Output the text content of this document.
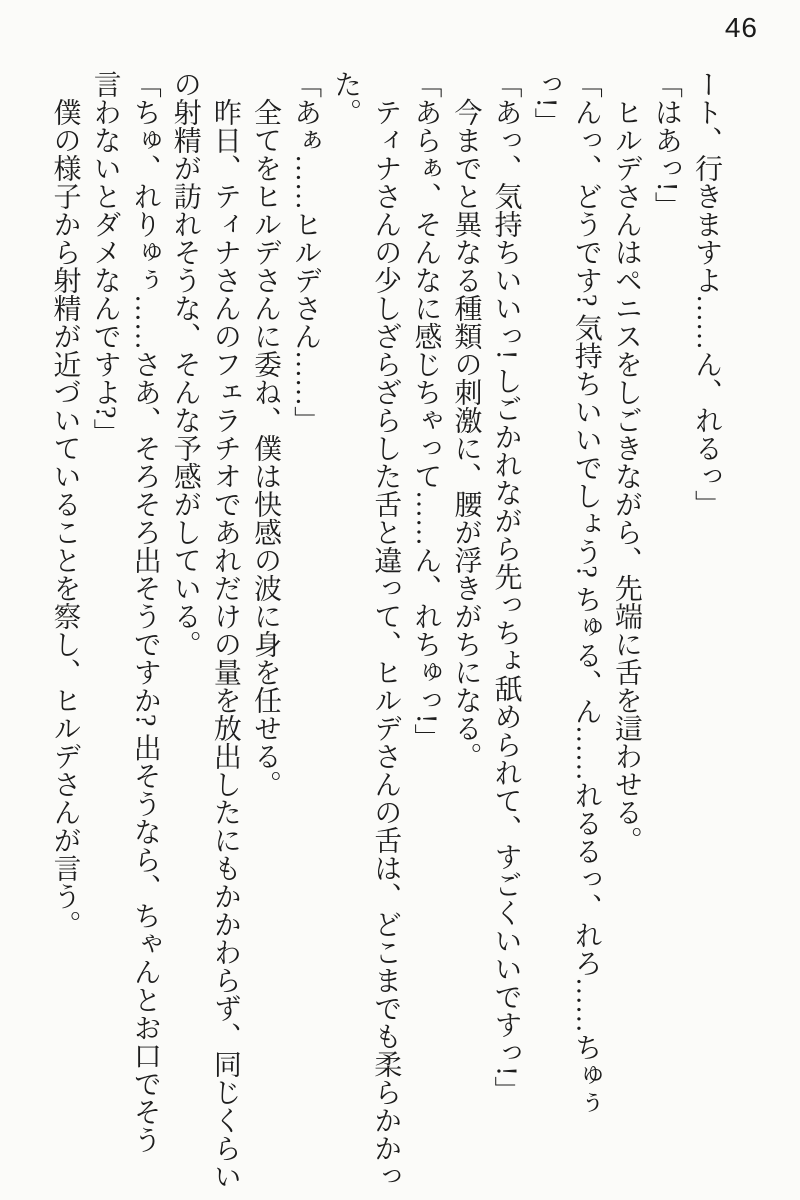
46

ート、行きますよ……ん、れるっ」

「はあっ!」

ヒルデさんはペニスをしごきながら、先端に舌を這わせる。

「んっ、どうです? 気持ちいいでしょう? ちゅる、ん……れるるっ、れろ……ちゅぅ

っ!」

「あっ、気持ちいいっ! しごかれながら先っちょ舐められて、すごくいいですっ!」

今までと異なる種類の刺激に、腰が浮きがちになる。

「あらぁ、そんなに感じちゃって……ん、れちゅっ!」

ティナさんの少しざらざらした舌と違って、ヒルデさんの舌は、どこまでも柔らかかっ

た。

「あぁ……ヒルデさん……」

全てをヒルデさんに委ね、僕は快感の波に身を任せる。

昨日、ティナさんのフェラチオであれだけの量を放出したにもかかわらず、同じくらい

の射精が訪れそうな、そんな予感がしている。

「ちゅ、れりゅぅ……さあ、そろそろ出そうですか? 出そうなら、ちゃんとお口でそう

言わないとダメなんですよ?」

僕の様子から射精が近づいていることを察し、ヒルデさんが言う。
